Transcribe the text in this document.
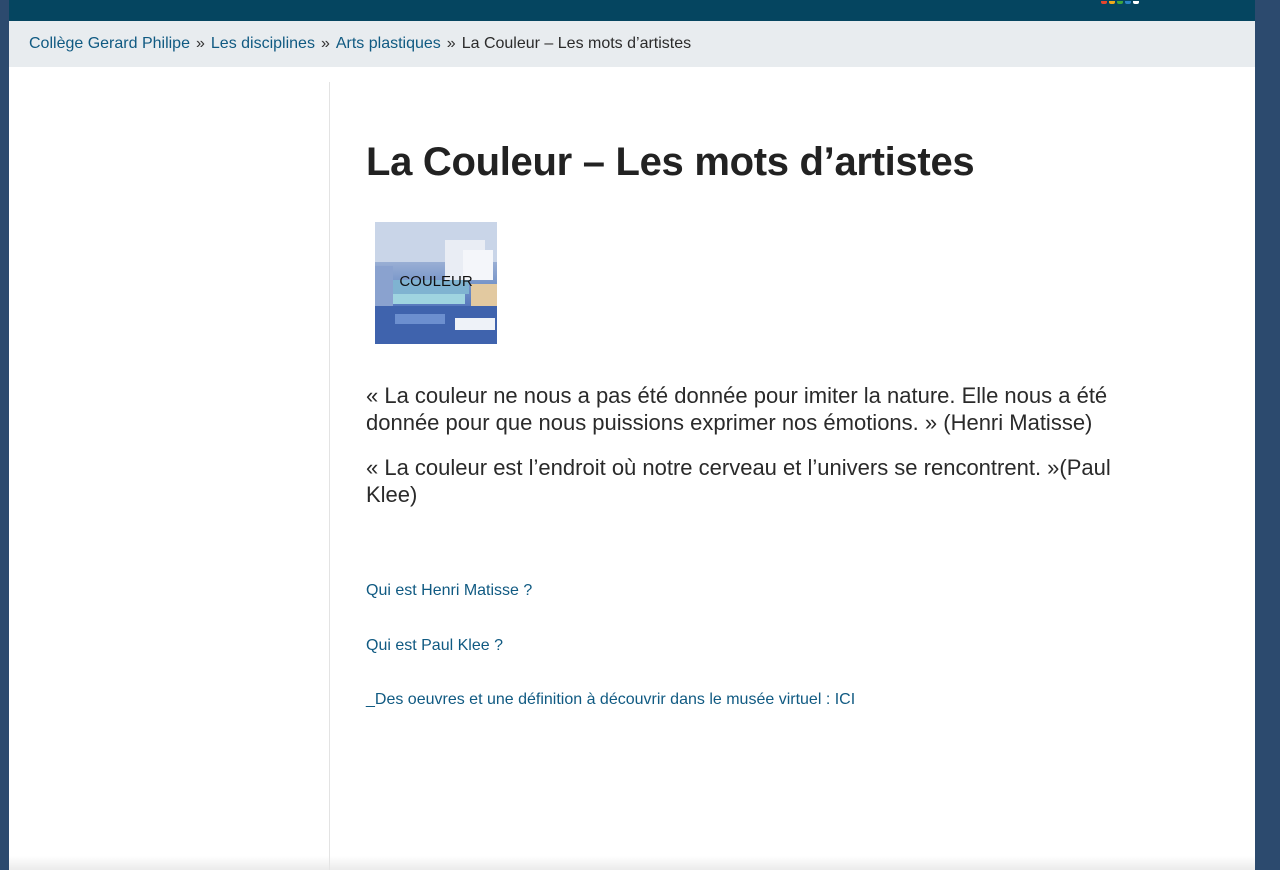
Collège Gerard Philipe » Les disciplines » Arts plastiques » La Couleur – Les mots d’artistes
La Couleur – Les mots d’artistes
COULEUR

« La couleur ne nous a pas été donnée pour imiter la nature. Elle nous a été donnée pour que nous puissions exprimer nos émotions. » (Henri Matisse)

« La couleur est l’endroit où notre cerveau et l’univers se rencontrent. »(Paul Klee)

Qui est Henri Matisse ?
Qui est Paul Klee ?
_Des oeuvres et une définition à découvrir dans le musée virtuel : ICI
